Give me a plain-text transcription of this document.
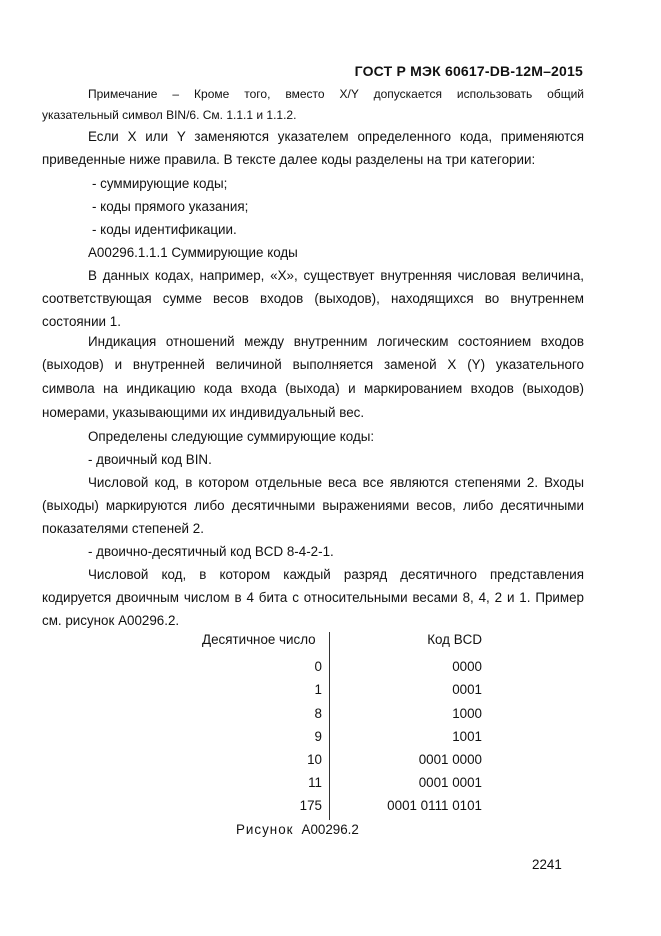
ГОСТ Р МЭК 60617-DB-12M–2015
Примечание – Кроме того, вместо X/Y допускается использовать общий
указательный символ BIN/6. См. 1.1.1 и 1.1.2.
Если X или Y заменяются указателем определенного кода, применяются
приведенные ниже правила. В тексте далее коды разделены на три категории:
- суммирующие коды;
- коды прямого указания;
- коды идентификации.
A00296.1.1.1 Суммирующие коды
В данных кодах, например, «X», существует внутренняя числовая величина,
соответствующая сумме весов входов (выходов), находящихся во внутреннем
состоянии 1.
Индикация отношений между внутренним логическим состоянием входов
(выходов) и внутренней величиной выполняется заменой X (Y) указательного
символа на индикацию кода входа (выхода) и маркированием входов (выходов)
номерами, указывающими их индивидуальный вес.
Определены следующие суммирующие коды:
- двоичный код BIN.
Числовой код, в котором отдельные веса все являются степенями 2. Входы
(выходы) маркируются либо десятичными выражениями весов, либо десятичными
показателями степеней 2.
- двоично-десятичный код BCD 8-4-2-1.
Числовой код, в котором каждый разряд десятичного представления
кодируется двоичным числом в 4 бита с относительными весами 8, 4, 2 и 1. Пример
см. рисунок A00296.2.
Десятичное число	Код BCD
0	0000
1	0001
8	1000
9	1001
10	0001 0000
11	0001 0001
175	0001 0111 0101
Рисунок A00296.2
2241
